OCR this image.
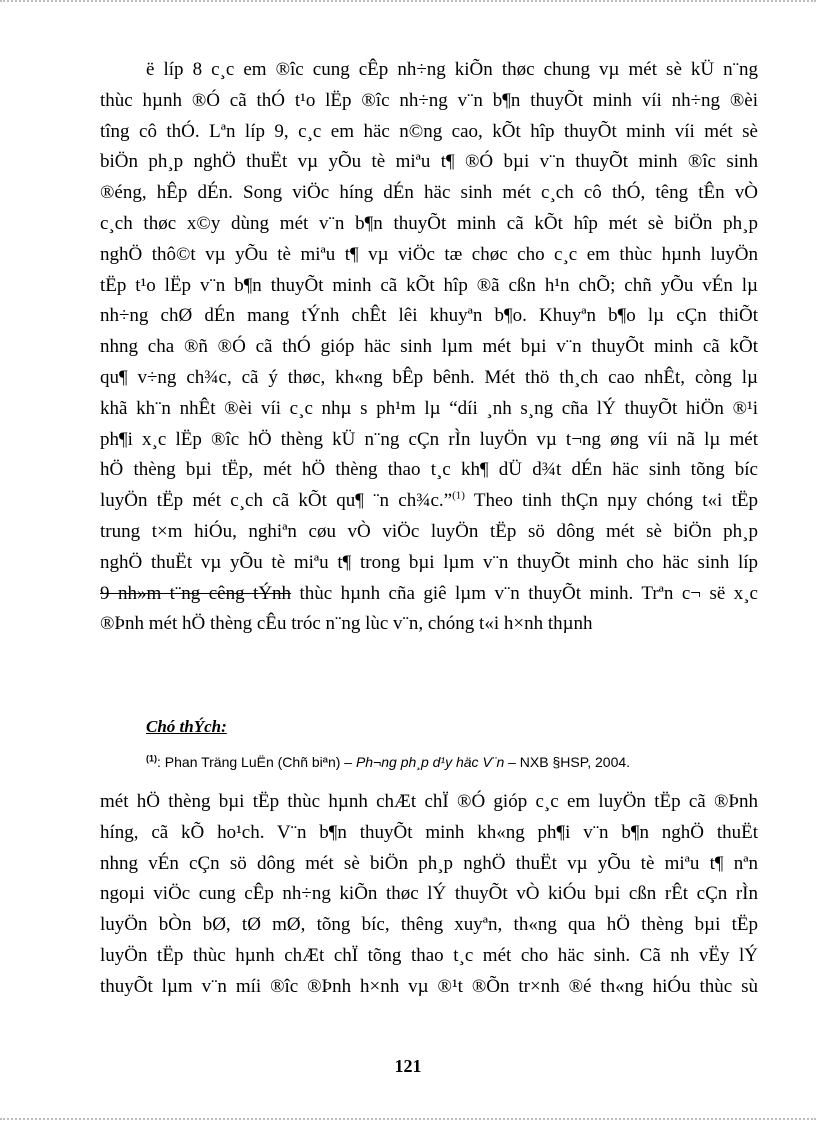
ë líp 8 c¸c em ®îc cung cÊp nh÷ng kiÕn thøc chung vµ mét sè kÜ n¨ng
thùc hµnh ®Ó cã thÓ t¹o lËp ®îc nh÷ng v¨n b¶n thuyÕt minh víi nh÷ng ®èi
tîng cô thÓ. Lªn líp 9, c¸c em häc n©ng cao, kÕt hîp thuyÕt minh víi mét sè
biÖn ph¸p nghÖ thuËt vµ yÕu tè miªu t¶ ®Ó bµi v¨n thuyÕt minh ®îc sinh
®éng, hÊp dÉn. Song viÖc híng dÉn häc sinh mét c¸ch cô thÓ, têng tÊn vÒ
c¸ch thøc x©y dùng mét v¨n b¶n thuyÕt minh cã kÕt hîp mét sè biÖn ph¸p
nghÖ thô©t vµ yÕu tè miªu t¶ vµ viÖc tæ chøc cho c¸c em thùc hµnh luyÖn
tËp t¹o lËp v¨n b¶n thuyÕt minh cã kÕt hîp ®ã cßn h¹n chÕ; chñ yÕu vÉn lµ
nh÷ng chØ dÉn mang tÝnh chÊt lêi khuyªn b¶o. Khuyªn b¶o lµ cÇn thiÕt
nhng cha ®ñ ®Ó cã thÓ gióp häc sinh lµm mét bµi v¨n thuyÕt minh cã kÕt
qu¶ v÷ng ch¾c, cã ý thøc, kh«ng bÊp bênh. Mét thö th¸ch cao nhÊt, còng lµ
khã kh¨n nhÊt ®èi víi c¸c nhµ s ph¹m lµ “díi ¸nh s¸ng cña lÝ thuyÕt hiÖn ®¹i
ph¶i x¸c lËp ®îc hÖ thèng kÜ n¨ng cÇn rÌn luyÖn vµ t¬ng øng víi nã lµ mét
hÖ thèng bµi tËp, mét hÖ thèng thao t¸c kh¶ dÜ d¾t dÉn häc sinh tõng bíc
luyÖn tËp mét c¸ch cã kÕt qu¶ ¨n ch¾c.”$^{(1)}$ Theo tinh thÇn nµy chóng t«i tËp
trung t×m hiÓu, nghiªn cøu vÒ viÖc luyÖn tËp sö dông mét sè biÖn ph¸p
nghÖ thuËt vµ yÕu tè miªu t¶ trong bµi lµm v¨n thuyÕt minh cho häc sinh líp
9 nh»m t¨ng cêng tÝnh thùc hµnh cña giê lµm v¨n thuyÕt minh. Trªn c¬ së x¸c
®Þnh mét hÖ thèng cÊu tróc n¨ng lùc v¨n, chóng t«i h×nh thµnh
Chó thÝch:
$^{(1)}$: Phan Träng LuËn (Chñ biªn) – Ph¬ng ph¸p d¹y häc V¨n – NXB §HSP, 2004.
mét hÖ thèng bµi tËp thùc hµnh chÆt chÏ ®Ó gióp c¸c em luyÖn tËp cã ®Þnh
híng, cã kÕ ho¹ch. V¨n b¶n thuyÕt minh kh«ng ph¶i v¨n b¶n nghÖ thuËt
nhng vÉn cÇn sö dông mét sè biÖn ph¸p nghÖ thuËt vµ yÕu tè miªu t¶ nªn
ngoµi viÖc cung cÊp nh÷ng kiÕn thøc lÝ thuyÕt vÒ kiÓu bµi cßn rÊt cÇn rÌn
luyÖn bÒn bØ, tØ mØ, tõng bíc, thêng xuyªn, th«ng qua hÖ thèng bµi tËp
luyÖn tËp thùc hµnh chÆt chÏ tõng thao t¸c mét cho häc sinh. Cã nh vËy lÝ
thuyÕt lµm v¨n míi ®îc ®Þnh h×nh vµ ®¹t ®Õn tr×nh ®é th«ng hiÓu thùc sù
121
